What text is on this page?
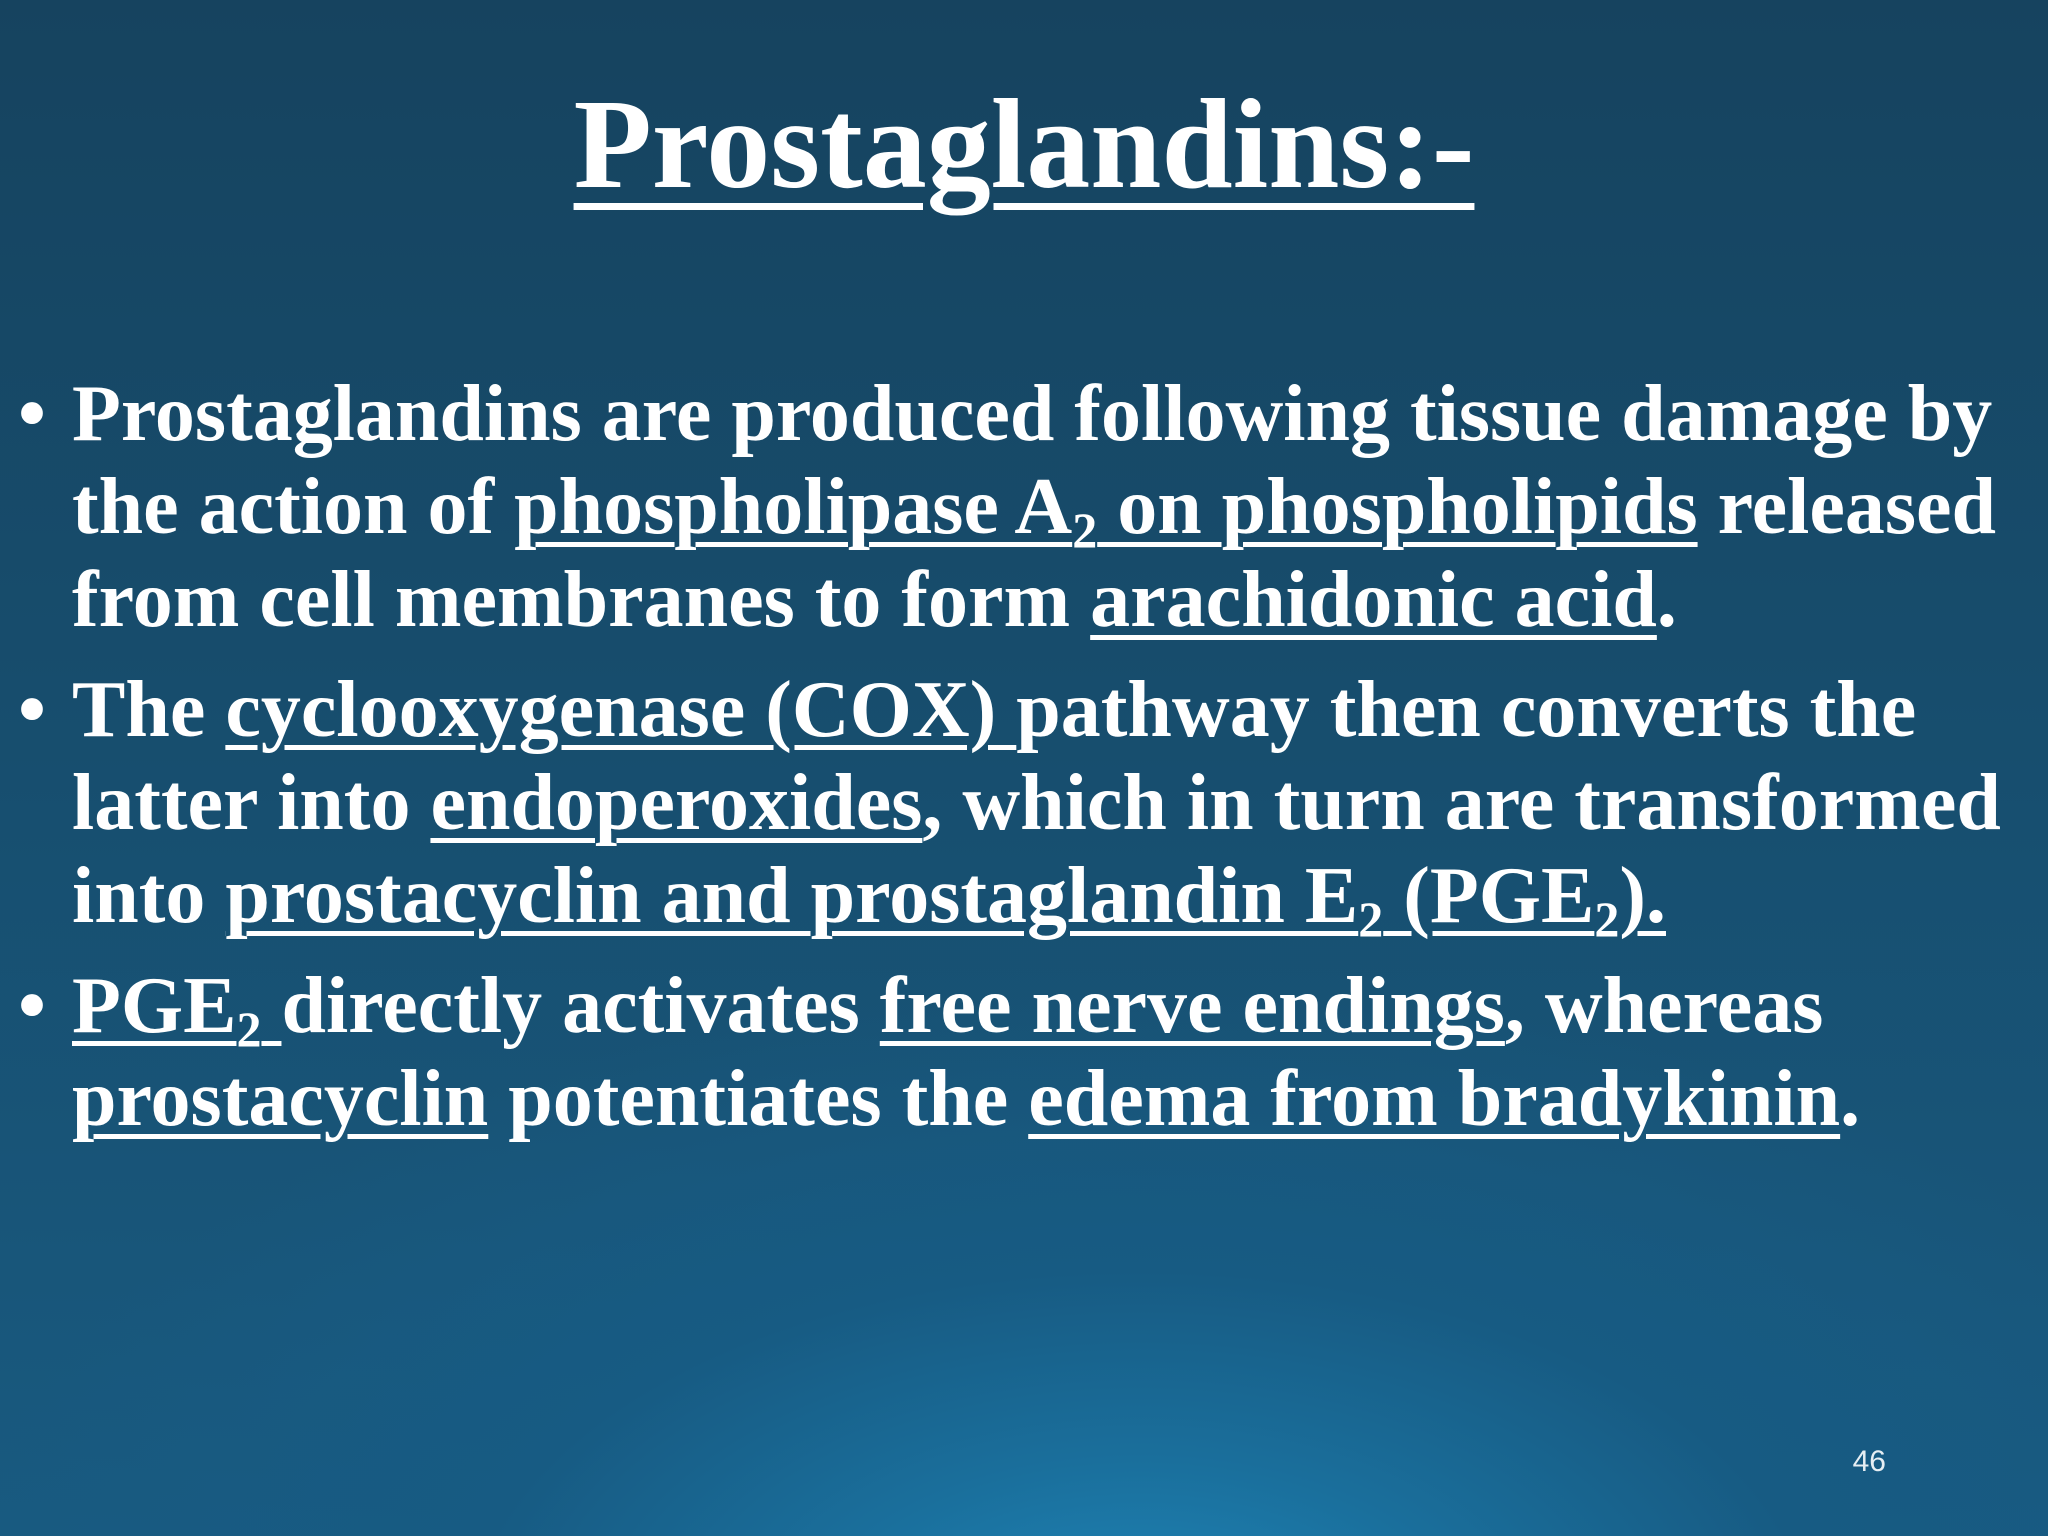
Prostaglandins:-
• Prostaglandins are produced following tissue damage by the action of phospholipase $A_2$ on phospholipids released from cell membranes to form arachidonic acid.
• The cyclooxygenase (COX) pathway then converts the latter into endoperoxides, which in turn are transformed into prostacyclin and prostaglandin $E_2$ $(PGE_2)$.
• $PGE_2$ directly activates free nerve endings, whereas prostacyclin potentiates the edema from bradykinin.
46
